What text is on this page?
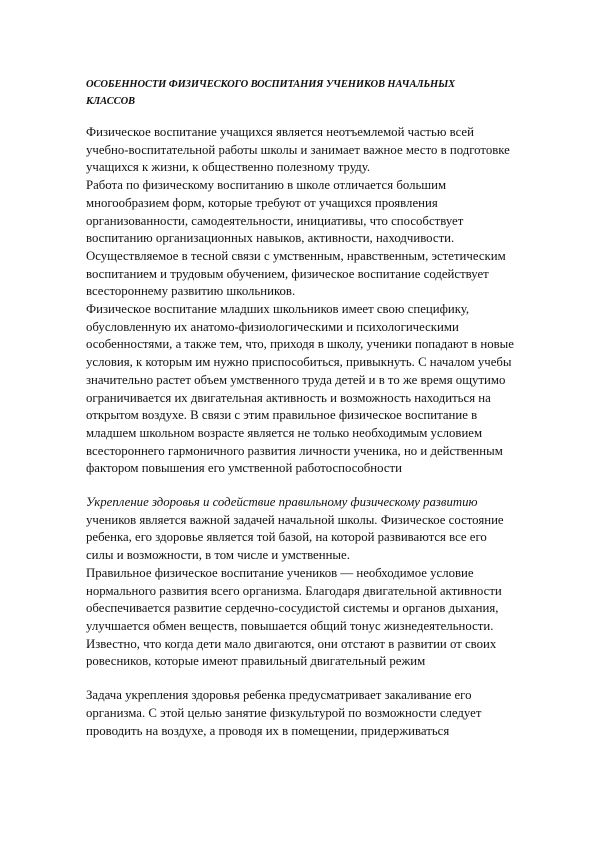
ОСОБЕННОСТИ ФИЗИЧЕСКОГО ВОСПИТАНИЯ УЧЕНИКОВ НАЧАЛЬНЫХ
КЛАССОВ
Физическое воспитание учащихся является неотъемлемой частью всей
учебно-воспитательной работы школы и занимает важное место в подготовке
учащихся к жизни, к общественно полезному труду.
Работа по физическому воспитанию в школе отличается большим
многообразием форм, которые требуют от учащихся проявления
организованности, самодеятельности, инициативы, что способствует
воспитанию организационных навыков, активности, находчивости.
Осуществляемое в тесной связи с умственным, нравственным, эстетическим
воспитанием и трудовым обучением, физическое воспитание содействует
всестороннему развитию школьников.
Физическое воспитание младших школьников имеет свою специфику,
обусловленную их анатомо-физиологическими и психологическими
особенностями, а также тем, что, приходя в школу, ученики попадают в новые
условия, к которым им нужно приспособиться, привыкнуть. С началом учебы
значительно растет объем умственного труда детей и в то же время ощутимо
ограничивается их двигательная активность и возможность находиться на
открытом воздухе. В связи с этим правильное физическое воспитание в
младшем школьном возрасте является не только необходимым условием
всестороннего гармоничного развития личности ученика, но и действенным
фактором повышения его умственной работоспособности
Укрепление здоровья и содействие правильному физическому развитию
учеников является важной задачей начальной школы. Физическое состояние
ребенка, его здоровье является той базой, на которой развиваются все его
силы и возможности, в том числе и умственные.
Правильное физическое воспитание учеников — необходимое условие
нормального развития всего организма. Благодаря двигательной активности
обеспечивается развитие сердечно-сосудистой системы и органов дыхания,
улучшается обмен веществ, повышается общий тонус жизнедеятельности.
Известно, что когда дети мало двигаются, они отстают в развитии от своих
ровесников, которые имеют правильный двигательный режим
Задача укрепления здоровья ребенка предусматривает закаливание его
организма. С этой целью занятие физкультурой по возможности следует
проводить на воздухе, а проводя их в помещении, придерживаться
